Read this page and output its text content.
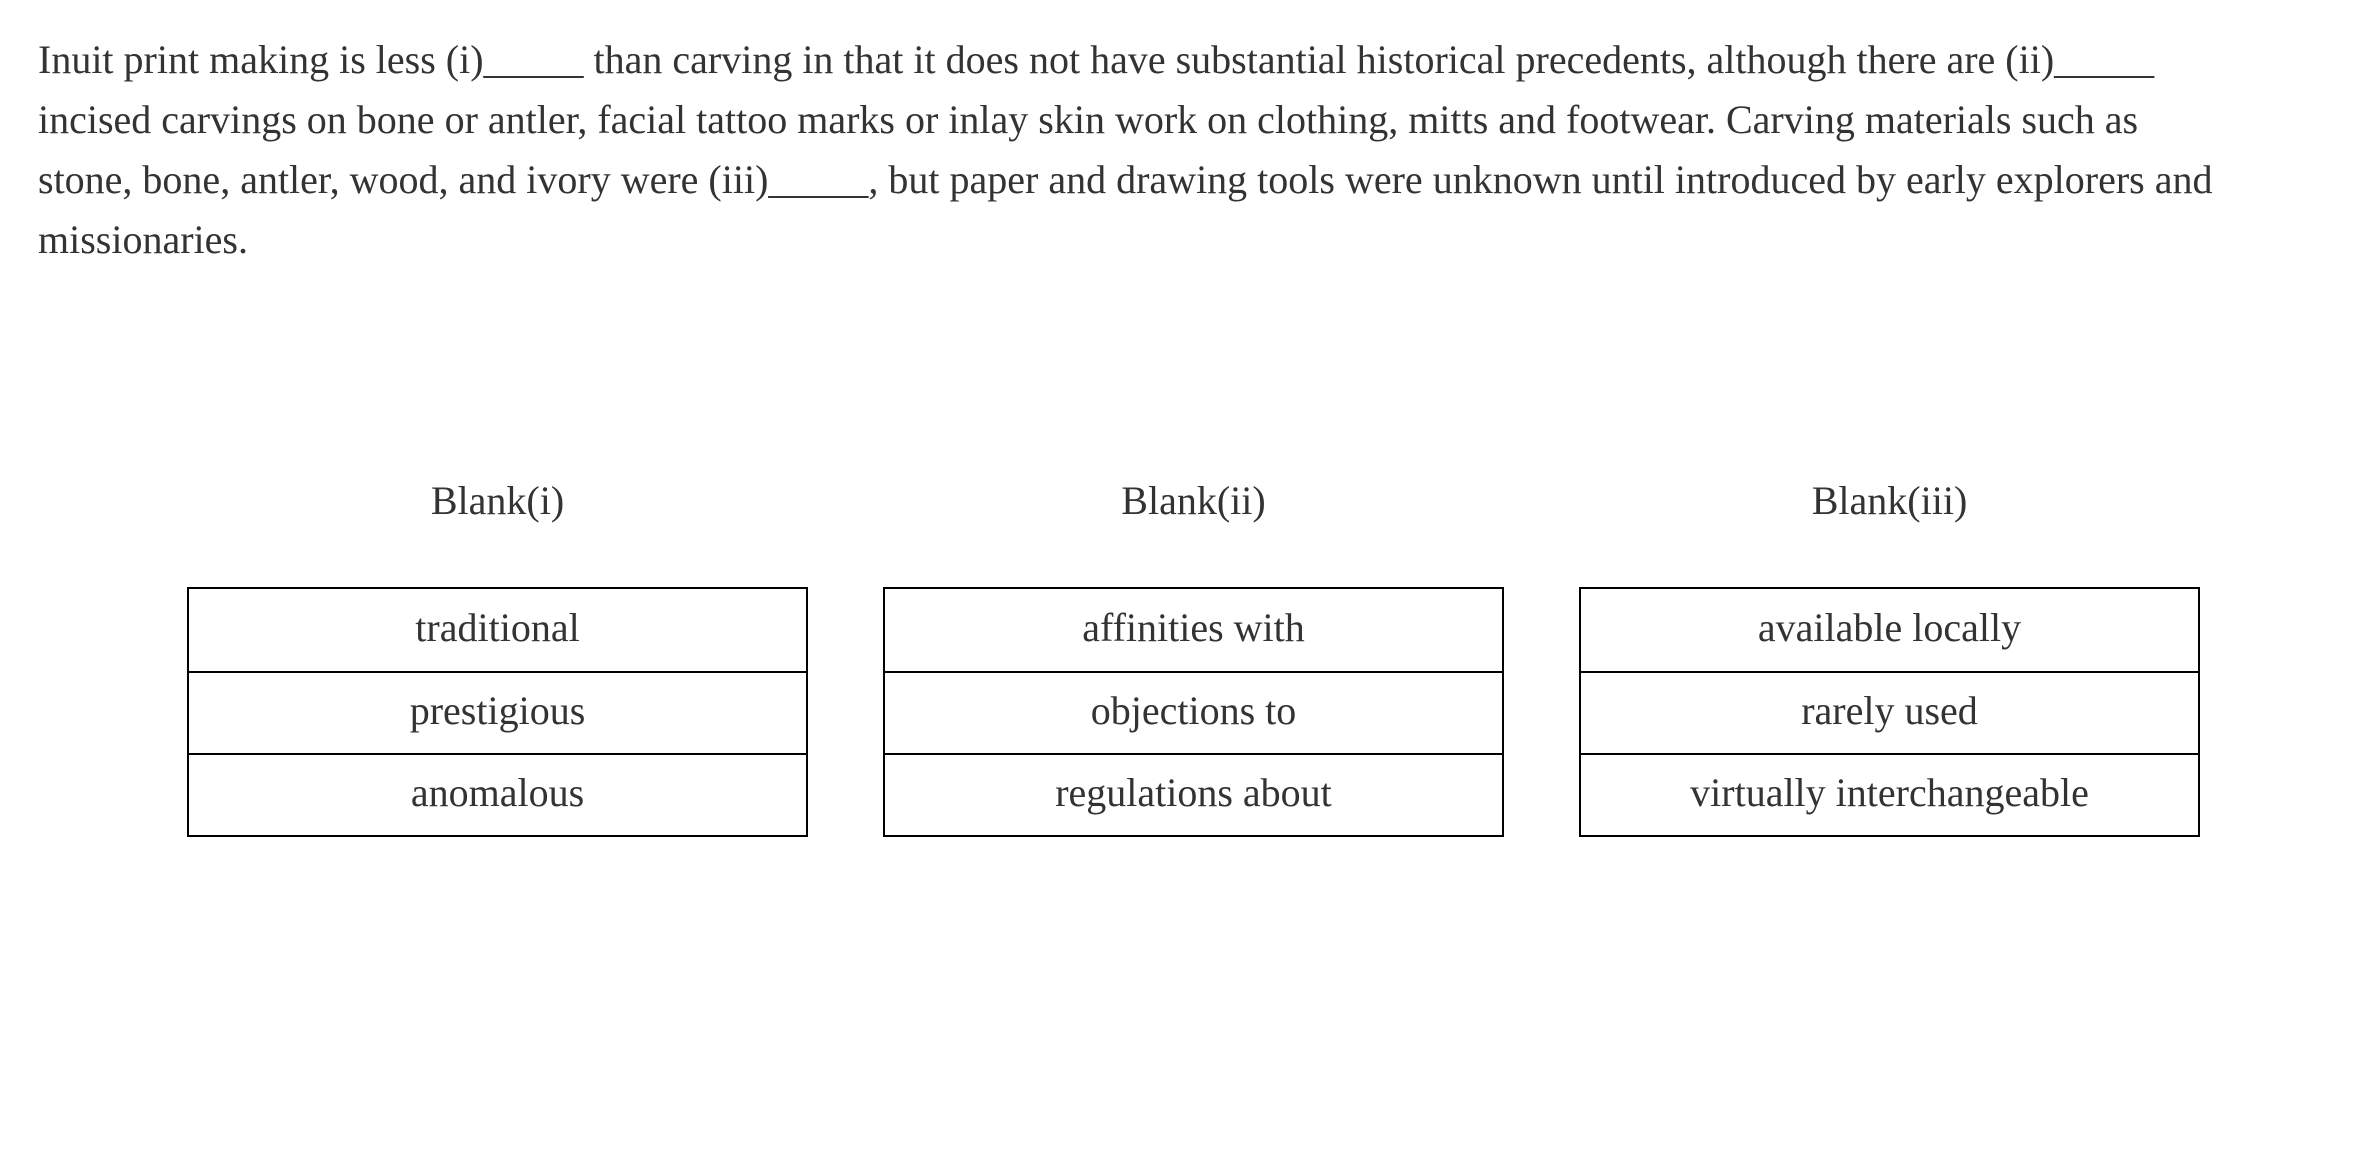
Inuit print making is less (i)_____ than carving in that it does not have substantial historical precedents, although there are (ii)_____
incised carvings on bone or antler, facial tattoo marks or inlay skin work on clothing, mitts and footwear. Carving materials such as
stone, bone, antler, wood, and ivory were (iii)_____, but paper and drawing tools were unknown until introduced by early explorers and
missionaries.
Blank(i)
traditional
prestigious
anomalous
Blank(ii)
affinities with
objections to
regulations about
Blank(iii)
available locally
rarely used
virtually interchangeable
